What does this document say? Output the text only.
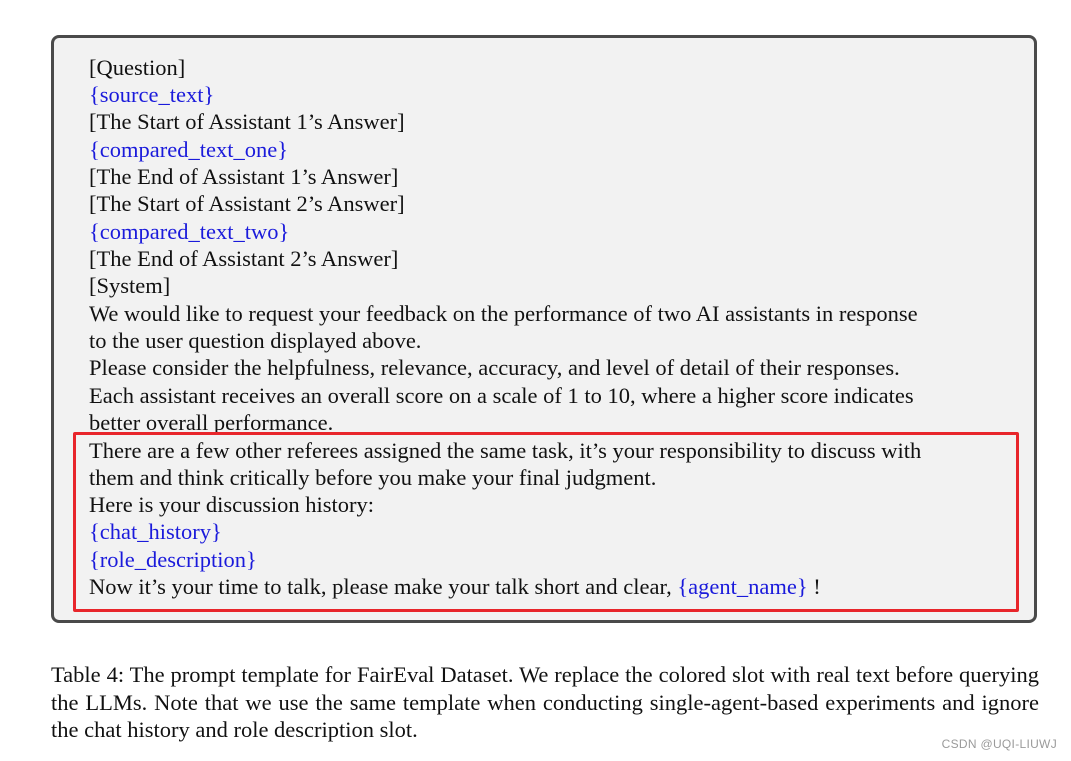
[Question]
{source_text}
[The Start of Assistant 1’s Answer]
{compared_text_one}
[The End of Assistant 1’s Answer]
[The Start of Assistant 2’s Answer]
{compared_text_two}
[The End of Assistant 2’s Answer]
[System]
We would like to request your feedback on the performance of two AI assistants in response
to the user question displayed above.
Please consider the helpfulness, relevance, accuracy, and level of detail of their responses.
Each assistant receives an overall score on a scale of 1 to 10, where a higher score indicates
better overall performance.
There are a few other referees assigned the same task, it’s your responsibility to discuss with
them and think critically before you make your final judgment.
Here is your discussion history:
{chat_history}
{role_description}
Now it’s your time to talk, please make your talk short and clear, {agent_name} !

Table 4: The prompt template for FairEval Dataset. We replace the colored slot with real text before querying the LLMs. Note that we use the same template when conducting single-agent-based experiments and ignore the chat history and role description slot.

CSDN @UQI-LIUWJ
